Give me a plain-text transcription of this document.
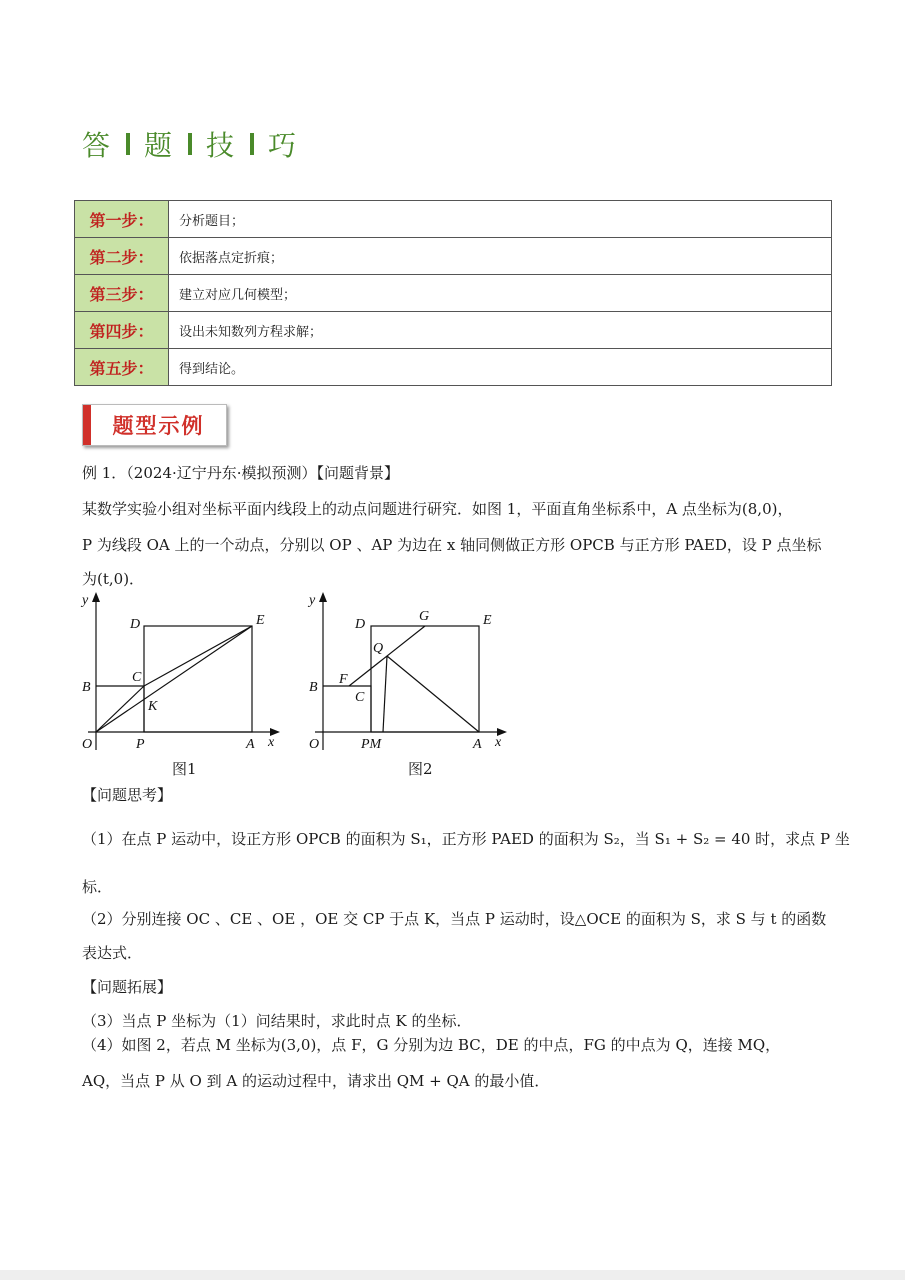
答 题 技 巧
第一步：	分析题目；
第二步：	依据落点定折痕；
第三步：	建立对应几何模型；
第四步：	设出未知数列方程求解；
第五步：	得到结论。
题型示例
例 1．（2024·辽宁丹东·模拟预测）【问题背景】
某数学实验小组对坐标平面内线段上的动点问题进行研究．如图 1，平面直角坐标系中，A 点坐标为(8,0)，
P 为线段 OA 上的一个动点，分别以 OP 、AP 为边在 x 轴同侧做正方形 OPCB 与正方形 PAED，设 P 点坐标
为(t,0)．
y
x
O	P	A
B
C
D	E
K
图1
y
x
O	PM	A
B
C
F
D	E
G
Q
图2
【问题思考】
（1）在点 P 运动中，设正方形 OPCB 的面积为 S₁，正方形 PAED 的面积为 S₂，当 S₁ + S₂ = 40 时，求点 P 坐
标．
（2）分别连接 OC 、CE 、OE ，OE 交 CP 于点 K，当点 P 运动时，设△OCE 的面积为 S，求 S 与 t 的函数
表达式．
【问题拓展】
（3）当点 P 坐标为（1）问结果时，求此时点 K 的坐标．
（4）如图 2，若点 M 坐标为(3,0)，点 F，G 分别为边 BC，DE 的中点，FG 的中点为 Q，连接 MQ，
AQ，当点 P 从 O 到 A 的运动过程中，请求出 QM + QA 的最小值．
